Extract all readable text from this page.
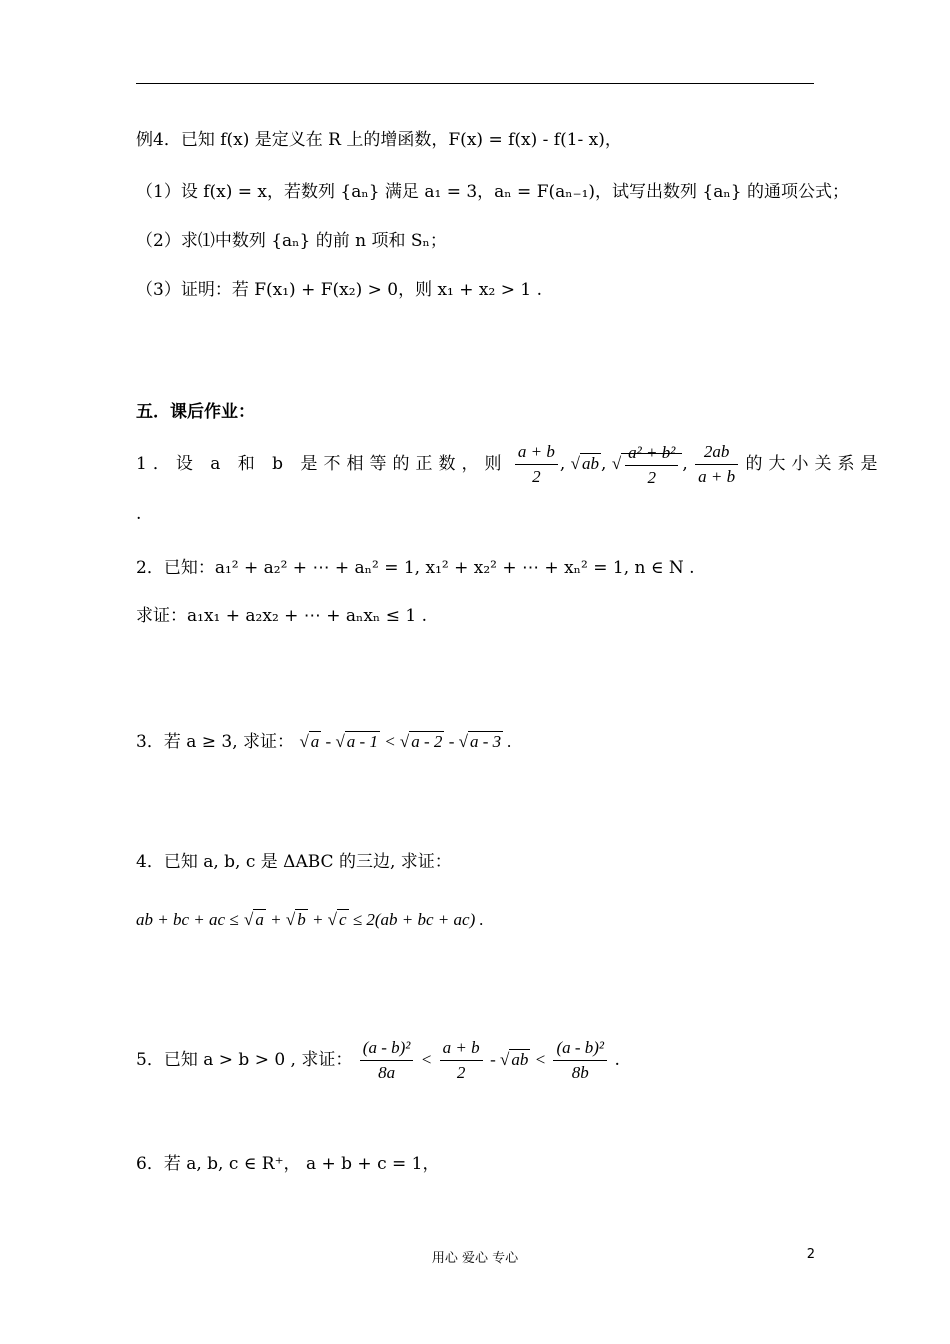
例4．已知 f(x) 是定义在 R 上的增函数，F(x) = f(x) - f(1- x)，
（1）设 f(x) = x，若数列 {aₙ} 满足 a₁ = 3，aₙ = F(aₙ₋₁)，试写出数列 {aₙ} 的通项公式；
（2）求⑴中数列 {aₙ} 的前 n 项和 Sₙ；
（3）证明：若 F(x₁) + F(x₂) > 0，则 x₁ + x₂ > 1 .
五．课后作业：
1．设 a 和 b 是不相等的正数，则 $\frac{a + b}{2}$ , √ ab , √ $\frac{\text{a² + b²}}{2}$ , $\frac{2ab}{a + b}$ 的大小关系是
.
2．已知：a₁² + a₂² + ⋯ + aₙ² = 1, x₁² + x₂² + ⋯ + xₙ² = 1, n ∈ N .
求证：a₁x₁ + a₂x₂ + ⋯ + aₙxₙ ≤ 1 .
3．若 a ≥ 3, 求证： √ a - √ a - 1 < √ a - 2 - √ a - 3 .
4．已知 a, b, c 是 ΔABC 的三边, 求证：
ab + bc + ac ≤ √ a + √ b + √ c ≤ 2(ab + bc + ac) .
5．已知 a > b > 0 , 求证： $\frac{\text{(a - b)²}}{8a} < \frac{a + b}{2}$ - √ ab < $\frac{\text{(a - b)²}}{8b}$ .
6．若 a, b, c ∈ R⁺， a + b + c = 1，
用心 爱心 专心	2
